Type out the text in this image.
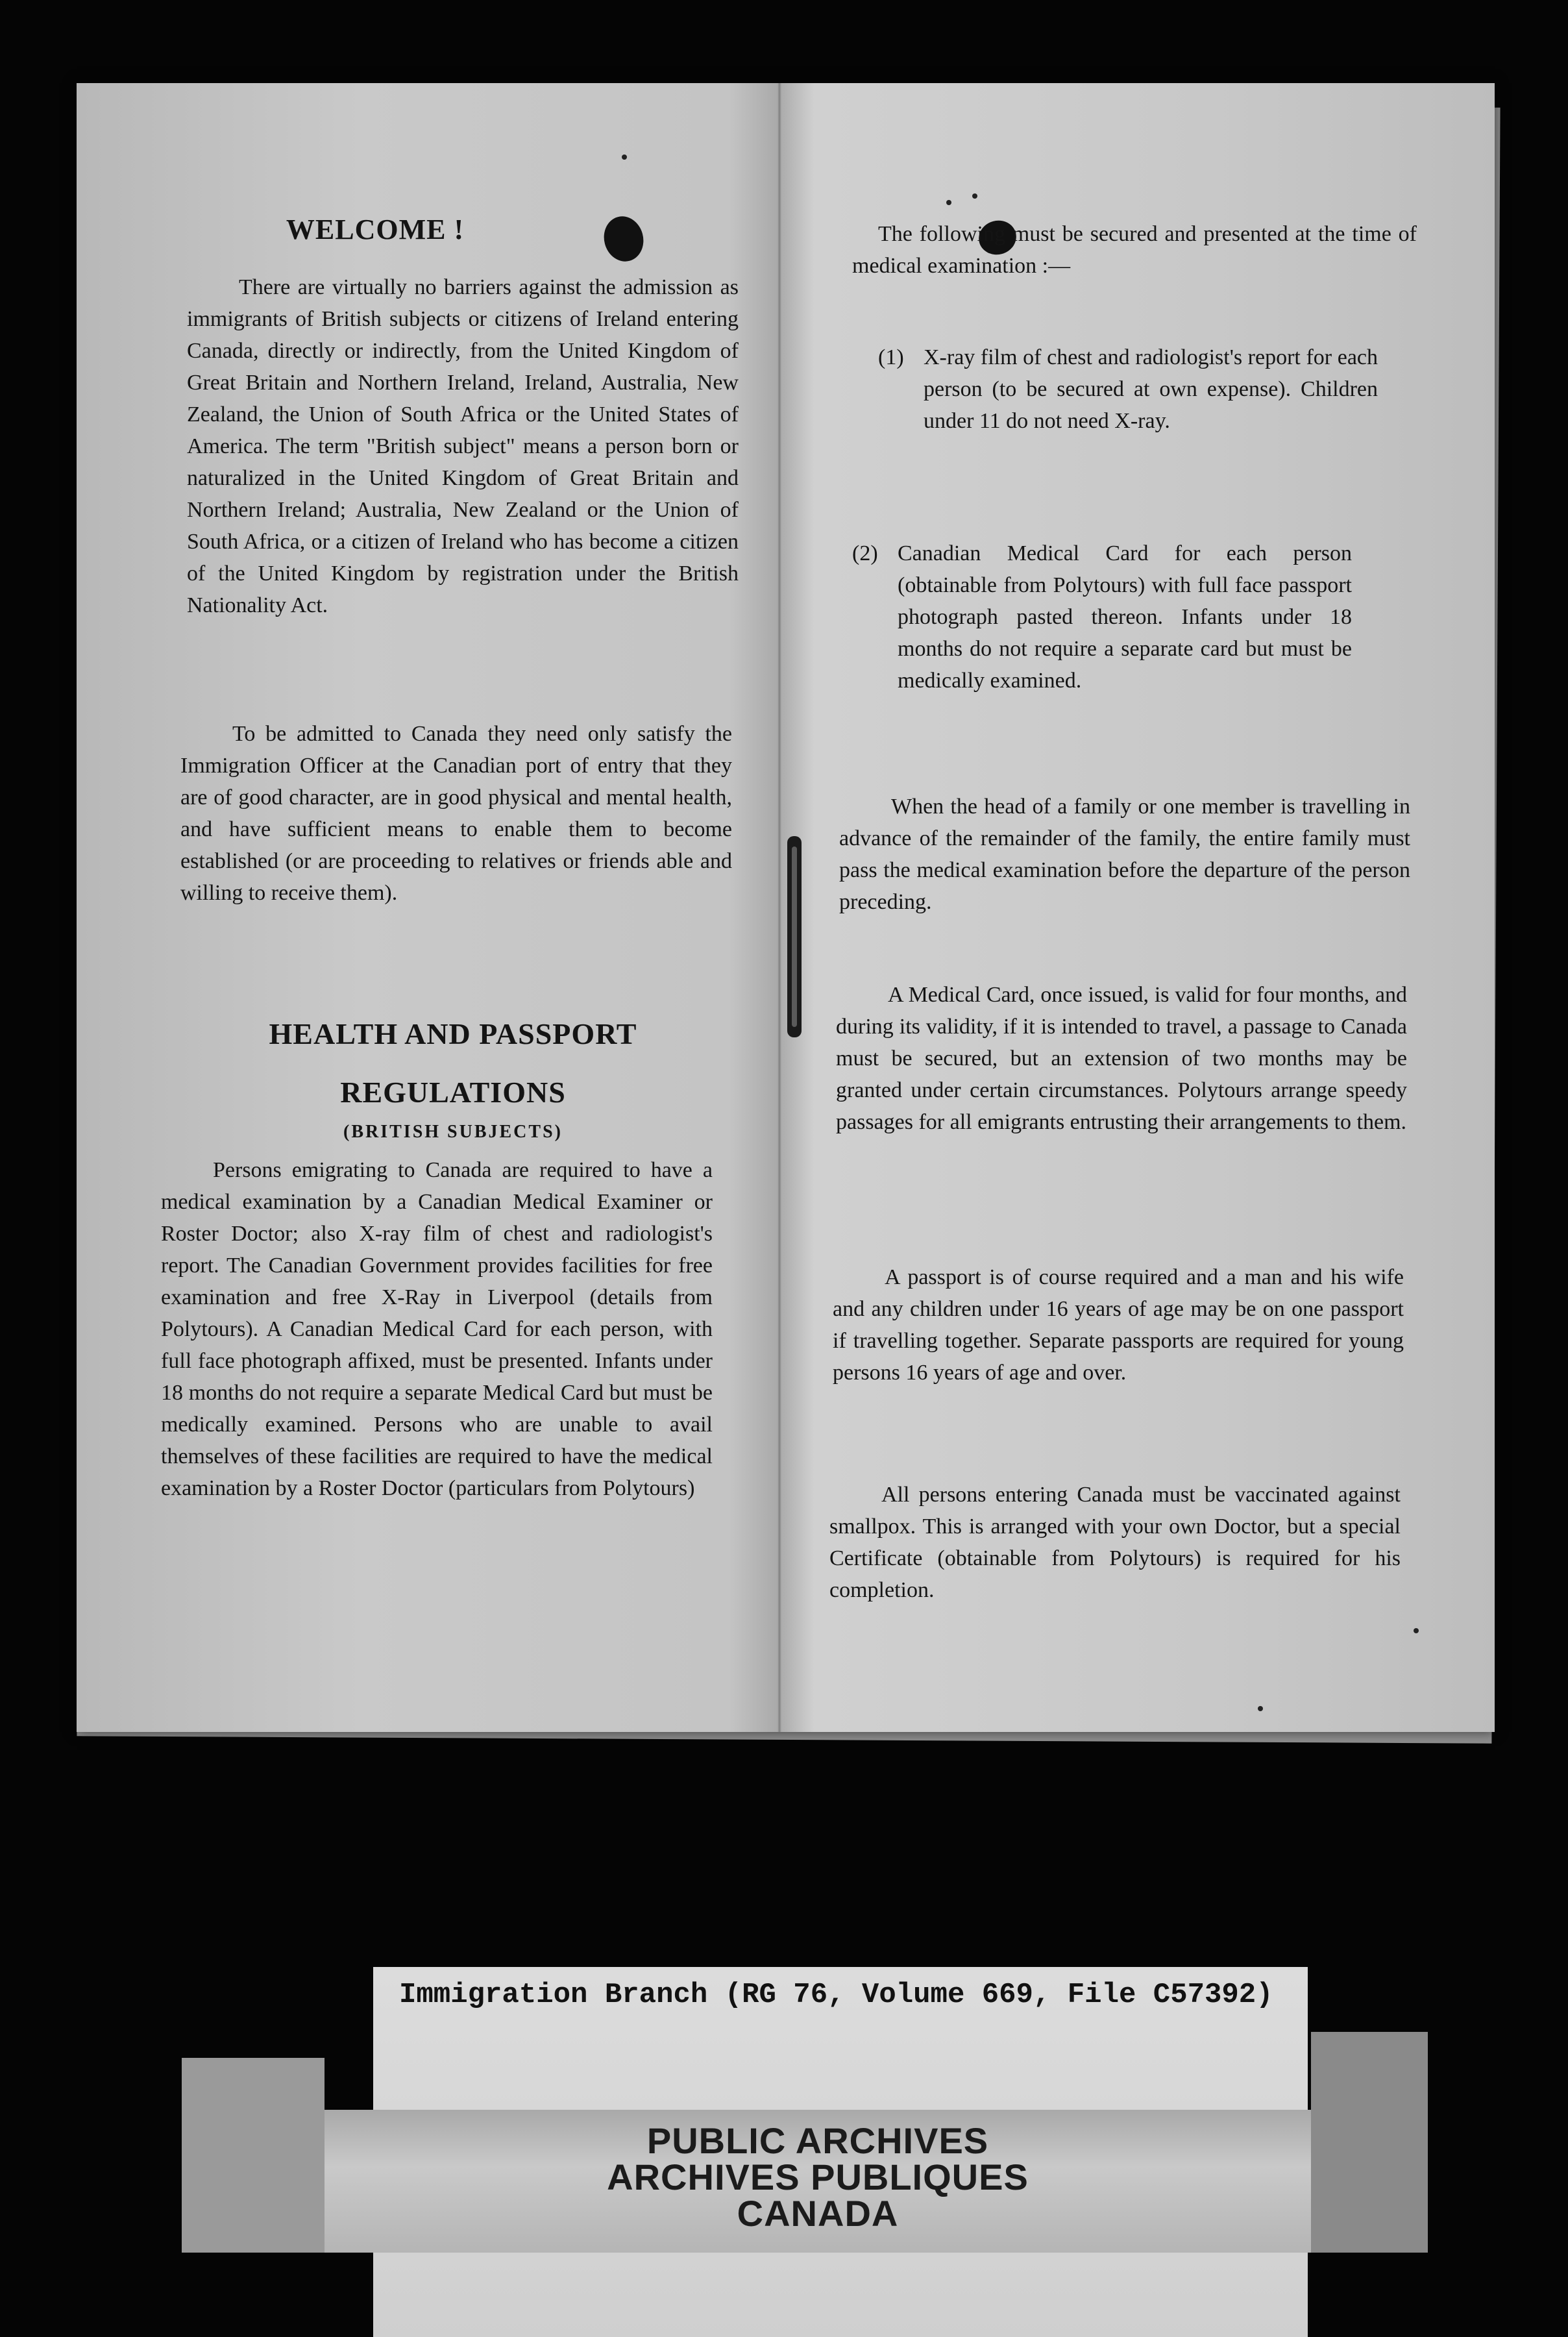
WELCOME !

There are virtually no barriers against the admission as immigrants of British subjects or citizens of Ireland entering Canada, directly or indirectly, from the United Kingdom of Great Britain and Northern Ireland, Ireland, Australia, New Zealand, the Union of South Africa or the United States of America. The term "British subject" means a person born or naturalized in the United Kingdom of Great Britain and Northern Ireland; Australia, New Zealand or the Union of South Africa, or a citizen of Ireland who has become a citizen of the United Kingdom by registration under the British Nationality Act.

To be admitted to Canada they need only satisfy the Immigration Officer at the Canadian port of entry that they are of good character, are in good physical and mental health, and have sufficient means to enable them to become established (or are proceeding to relatives or friends able and willing to receive them).

HEALTH AND PASSPORT
REGULATIONS
(BRITISH SUBJECTS)

Persons emigrating to Canada are required to have a medical examination by a Canadian Medical Examiner or Roster Doctor; also X-ray film of chest and radiologist's report. The Canadian Government provides facilities for free examination and free X-Ray in Liverpool (details from Polytours). A Canadian Medical Card for each person, with full face photograph affixed, must be presented. Infants under 18 months do not require a separate Medical Card but must be medically examined. Persons who are unable to avail themselves of these facilities are required to have the medical examination by a Roster Doctor (particulars from Polytours)

The following must be secured and presented at the time of medical examination :—

(1) X-ray film of chest and radiologist's report for each person (to be secured at own expense). Children under 11 do not need X-ray.
(2) Canadian Medical Card for each person (obtainable from Polytours) with full face passport photograph pasted thereon. Infants under 18 months do not require a separate card but must be medically examined.

When the head of a family or one member is travelling in advance of the remainder of the family, the entire family must pass the medical examination before the departure of the person preceding.

A Medical Card, once issued, is valid for four months, and during its validity, if it is intended to travel, a passage to Canada must be secured, but an extension of two months may be granted under certain circumstances. Polytours arrange speedy passages for all emigrants entrusting their arrangements to them.

A passport is of course required and a man and his wife and any children under 16 years of age may be on one passport if travelling together. Separate passports are required for young persons 16 years of age and over.

All persons entering Canada must be vaccinated against smallpox. This is arranged with your own Doctor, but a special Certificate (obtainable from Polytours) is required for his completion.

Immigration Branch (RG 76, Volume 669, File C57392)

PUBLIC ARCHIVES
ARCHIVES PUBLIQUES
CANADA
